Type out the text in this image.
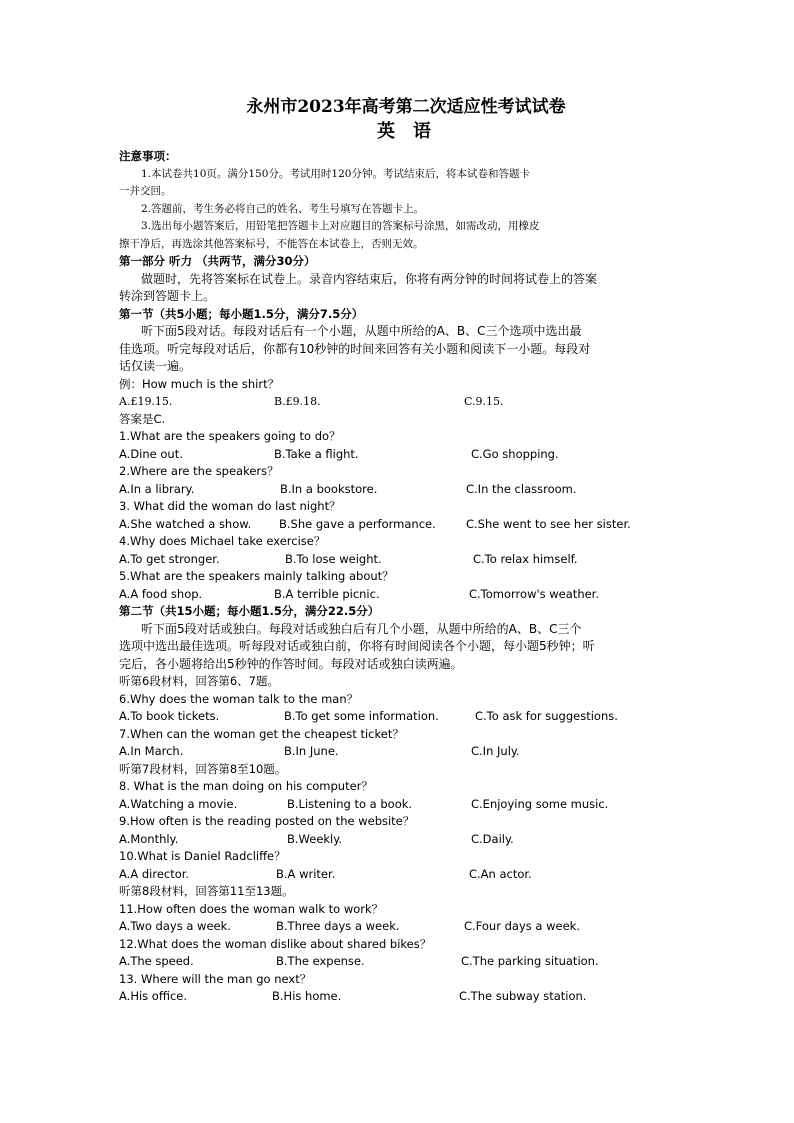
永州市2023年高考第二次适应性考试试卷
英语
注意事项：
1.本试卷共10页。满分150分。考试用时120分钟。考试结束后，将本试卷和答题卡
一并交回。
2.答题前，考生务必将自己的姓名、考生号填写在答题卡上。
3.选出每小题答案后，用铅笔把答题卡上对应题目的答案标号涂黑，如需改动，用橡皮
擦干净后，再选涂其他答案标号，不能答在本试卷上，否则无效。
第一部分 听力 （共两节，满分30分）
做题时，先将答案标在试卷上。录音内容结束后，你将有两分钟的时间将试卷上的答案
转涂到答题卡上。
第一节（共5小题；每小题1.5分，满分7.5分）
听下面5段对话。每段对话后有一个小题，从题中所给的A、B、C三个选项中选出最
佳选项。听完每段对话后，你都有10秒钟的时间来回答有关小题和阅读下一小题。每段对
话仅读一遍。
例：How much is the shirt？
A.£19.15.	B.£9.18.	C.9.15.
答案是C.
1.What are the speakers going to do？
A.Dine out.	B.Take a flight.	C.Go shopping.
2.Where are the speakers？
A.In a library.	B.In a bookstore.	C.In the classroom.
3. What did the woman do last night？
A.She watched a show. B.She gave a performance.	C.She went to see her sister.
4.Why does Michael take exercise？
A.To get stronger.	B.To lose weight.	C.To relax himself.
5.What are the speakers mainly talking about？
A.A food shop.	B.A terrible picnic.	C.Tomorrow's weather.
第二节（共15小题；每小题1.5分，满分22.5分）
听下面5段对话或独白。每段对话或独白后有几个小题，从题中所给的A、B、C三个
选项中选出最佳选项。听每段对话或独白前，你将有时间阅读各个小题，每小题5秒钟；听
完后，各小题将给出5秒钟的作答时间。每段对话或独白读两遍。
听第6段材料，回答第6、7题。
6.Why does the woman talk to the man？
A.To book tickets.	B.To get some information.	C.To ask for suggestions.
7.When can the woman get the cheapest ticket？
A.In March.	B.In June.	C.In July.
听第7段材料，回答第8至10题。
8. What is the man doing on his computer？
A.Watching a movie.	B.Listening to a book.	C.Enjoying some music.
9.How often is the reading posted on the website？
A.Monthly.	B.Weekly.	C.Daily.
10.What is Daniel Radcliffe？
A.A director.	B.A writer.	C.An actor.
听第8段材料，回答第11至13题。
11.How often does the woman walk to work？
A.Two days a week.	B.Three days a week.	C.Four days a week.
12.What does the woman dislike about shared bikes？
A.The speed.	B.The expense.	C.The parking situation.
13. Where will the man go next？
A.His office.	B.His home.	C.The subway station.
